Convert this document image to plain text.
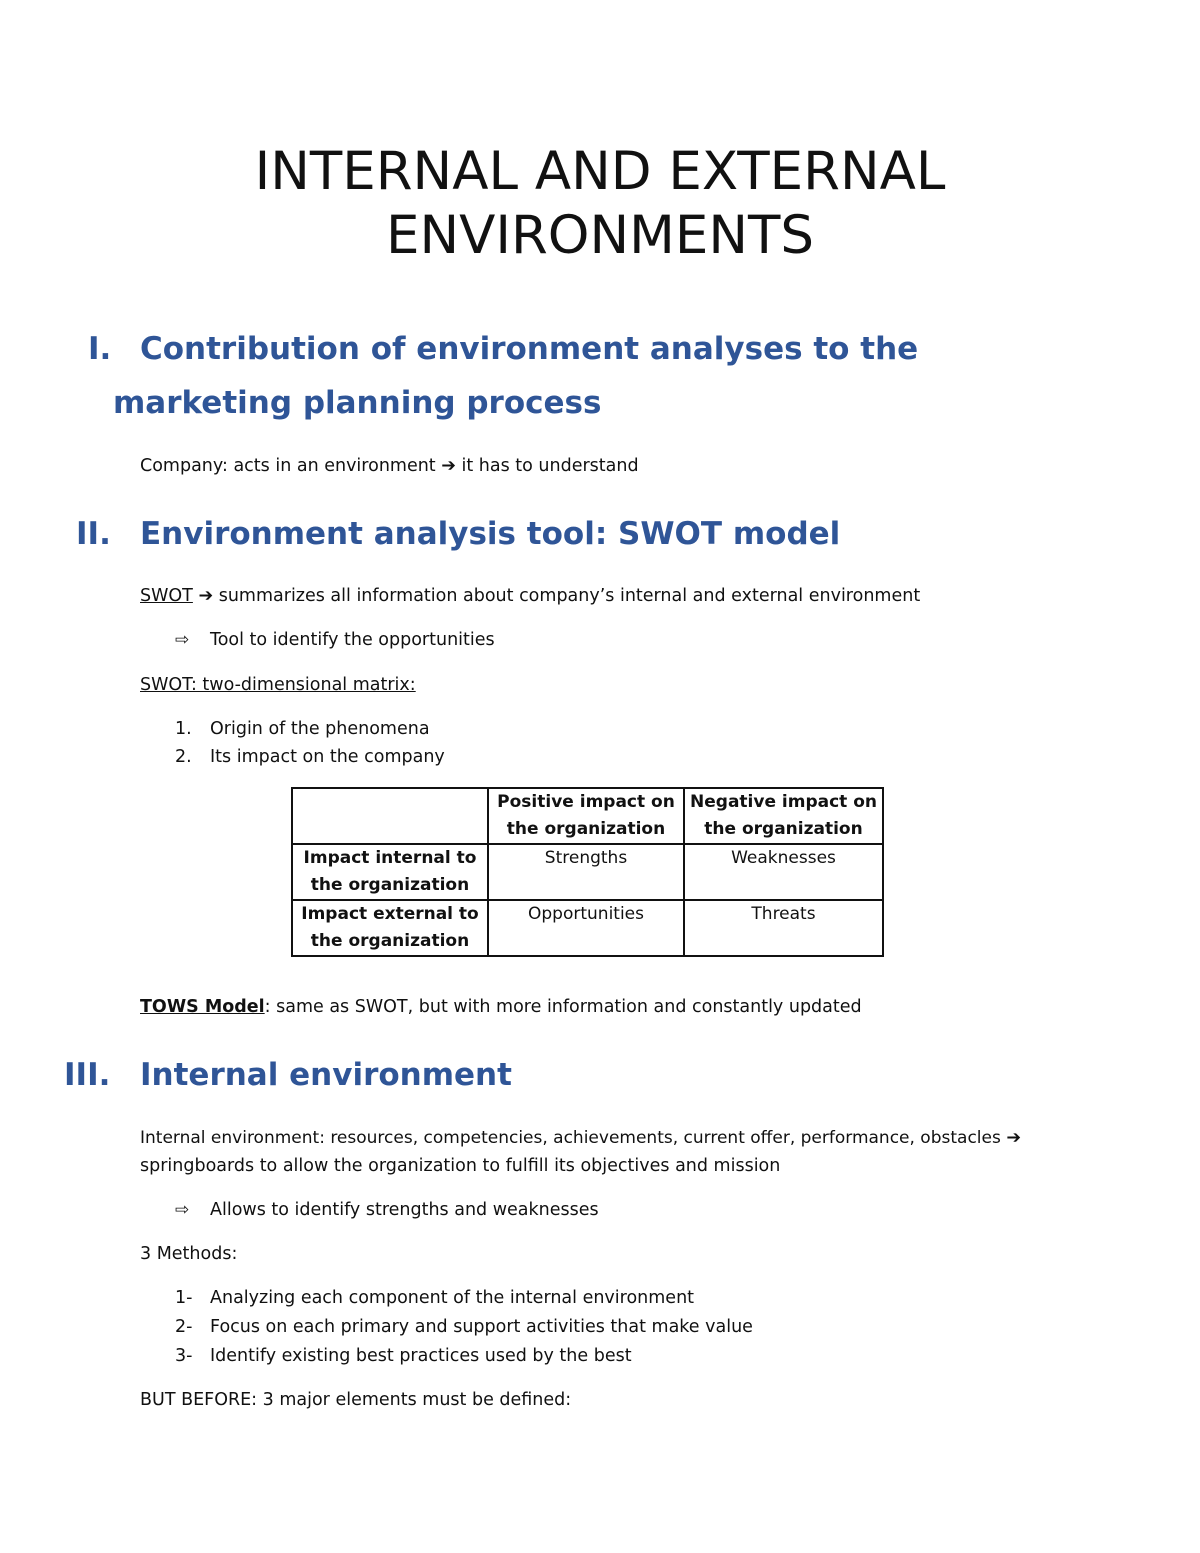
INTERNAL AND EXTERNAL
ENVIRONMENTS
I. Contribution of environment analyses to the
marketing planning process

Company: acts in an environment ➔ it has to understand

II. Environment analysis tool: SWOT model

SWOT ➔ summarizes all information about company’s internal and external environment

⇨ Tool to identify the opportunities

SWOT: two-dimensional matrix:

1. Origin of the phenomena

2. Its impact on the company

	Positive impact on the organization	Negative impact on the organization
Impact internal to the organization	Strengths	Weaknesses
Impact external to the organization	Opportunities	Threats

TOWS Model: same as SWOT, but with more information and constantly updated

III. Internal environment

Internal environment: resources, competencies, achievements, current offer, performance, obstacles ➔

springboards to allow the organization to fulfill its objectives and mission

⇨ Allows to identify strengths and weaknesses

3 Methods:

1- Analyzing each component of the internal environment

2- Focus on each primary and support activities that make value

3- Identify existing best practices used by the best

BUT BEFORE: 3 major elements must be defined:
